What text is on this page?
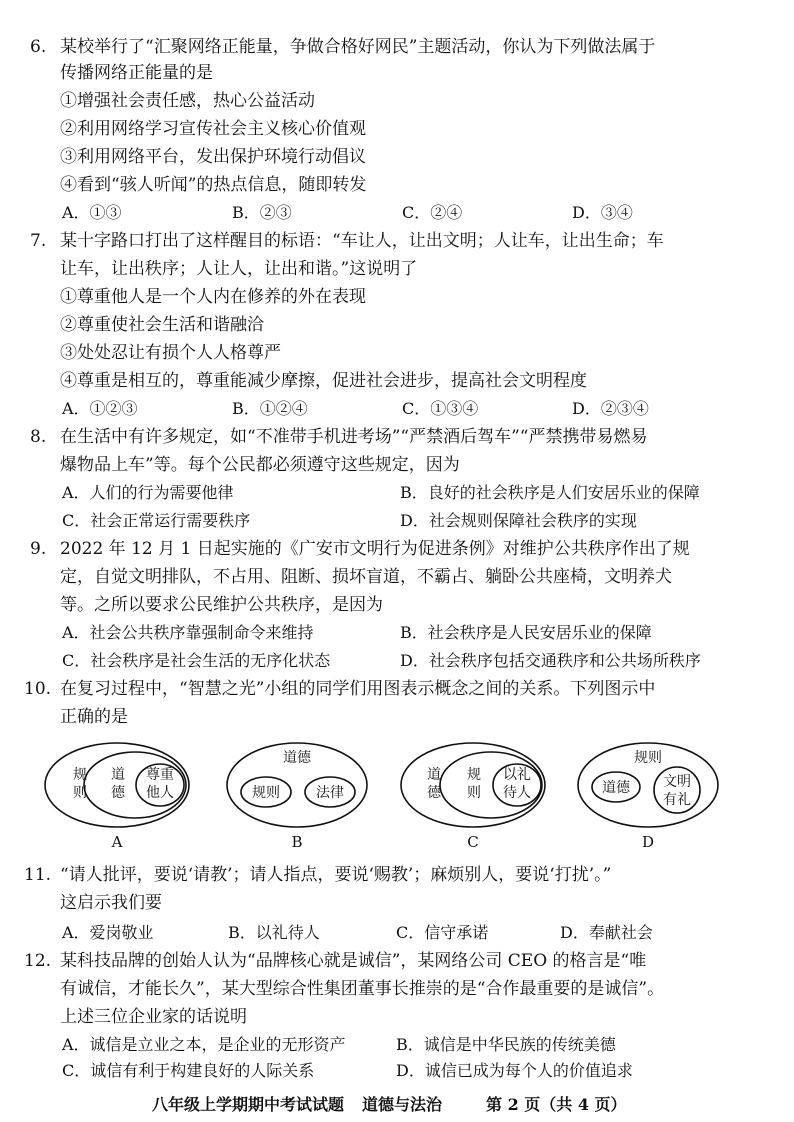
6. 某校举行了“汇聚网络正能量，争做合格好网民”主题活动，你认为下列做法属于
传播网络正能量的是
①增强社会责任感，热心公益活动
②利用网络学习宣传社会主义核心价值观
③利用网络平台，发出保护环境行动倡议
④看到“骇人听闻”的热点信息，随即转发
A．①③	B．②③	C．②④	D．③④
7. 某十字路口打出了这样醒目的标语：“车让人，让出文明；人让车，让出生命；车
让车，让出秩序；人让人，让出和谐。”这说明了
①尊重他人是一个人内在修养的外在表现
②尊重使社会生活和谐融洽
③处处忍让有损个人人格尊严
④尊重是相互的，尊重能减少摩擦，促进社会进步，提高社会文明程度
A．①②③	B．①②④	C．①③④	D．②③④
8. 在生活中有许多规定，如“不准带手机进考场”“严禁酒后驾车”“严禁携带易燃易
爆物品上车”等。每个公民都必须遵守这些规定，因为
A．人们的行为需要他律	B．良好的社会秩序是人们安居乐业的保障
C．社会正常运行需要秩序	D．社会规则保障社会秩序的实现
9. 2022 年 12 月 1 日起实施的《广安市文明行为促进条例》对维护公共秩序作出了规
定，自觉文明排队，不占用、阻断、损坏盲道，不霸占、躺卧公共座椅，文明养犬
等。之所以要求公民维护公共秩序，是因为
A．社会公共秩序靠强制命令来维持	B．社会秩序是人民安居乐业的保障
C．社会秩序是社会生活的无序化状态	D．社会秩序包括交通秩序和公共场所秩序
10. 在复习过程中，“智慧之光”小组的同学们用图表示概念之间的关系。下列图示中
正确的是
规
则
道
德
尊重
他人
A
道德
规则	法律
B
道
德
规
则
以礼
待人
C
规则
道德 文明
有礼
D
11. “请人批评，要说‘请教’；请人指点，要说‘赐教’；麻烦别人，要说‘打扰’。”
这启示我们要
A．爱岗敬业	B．以礼待人	C．信守承诺	D．奉献社会
12. 某科技品牌的创始人认为“品牌核心就是诚信”，某网络公司 CEO 的格言是“唯
有诚信，才能长久”，某大型综合性集团董事长推崇的是“合作最重要的是诚信”。
上述三位企业家的话说明
A．诚信是立业之本，是企业的无形资产	B．诚信是中华民族的传统美德
C．诚信有利于构建良好的人际关系	D．诚信已成为每个人的价值追求
八年级上学期期中考试试题 道德与法治	第 2 页（共 4 页）
